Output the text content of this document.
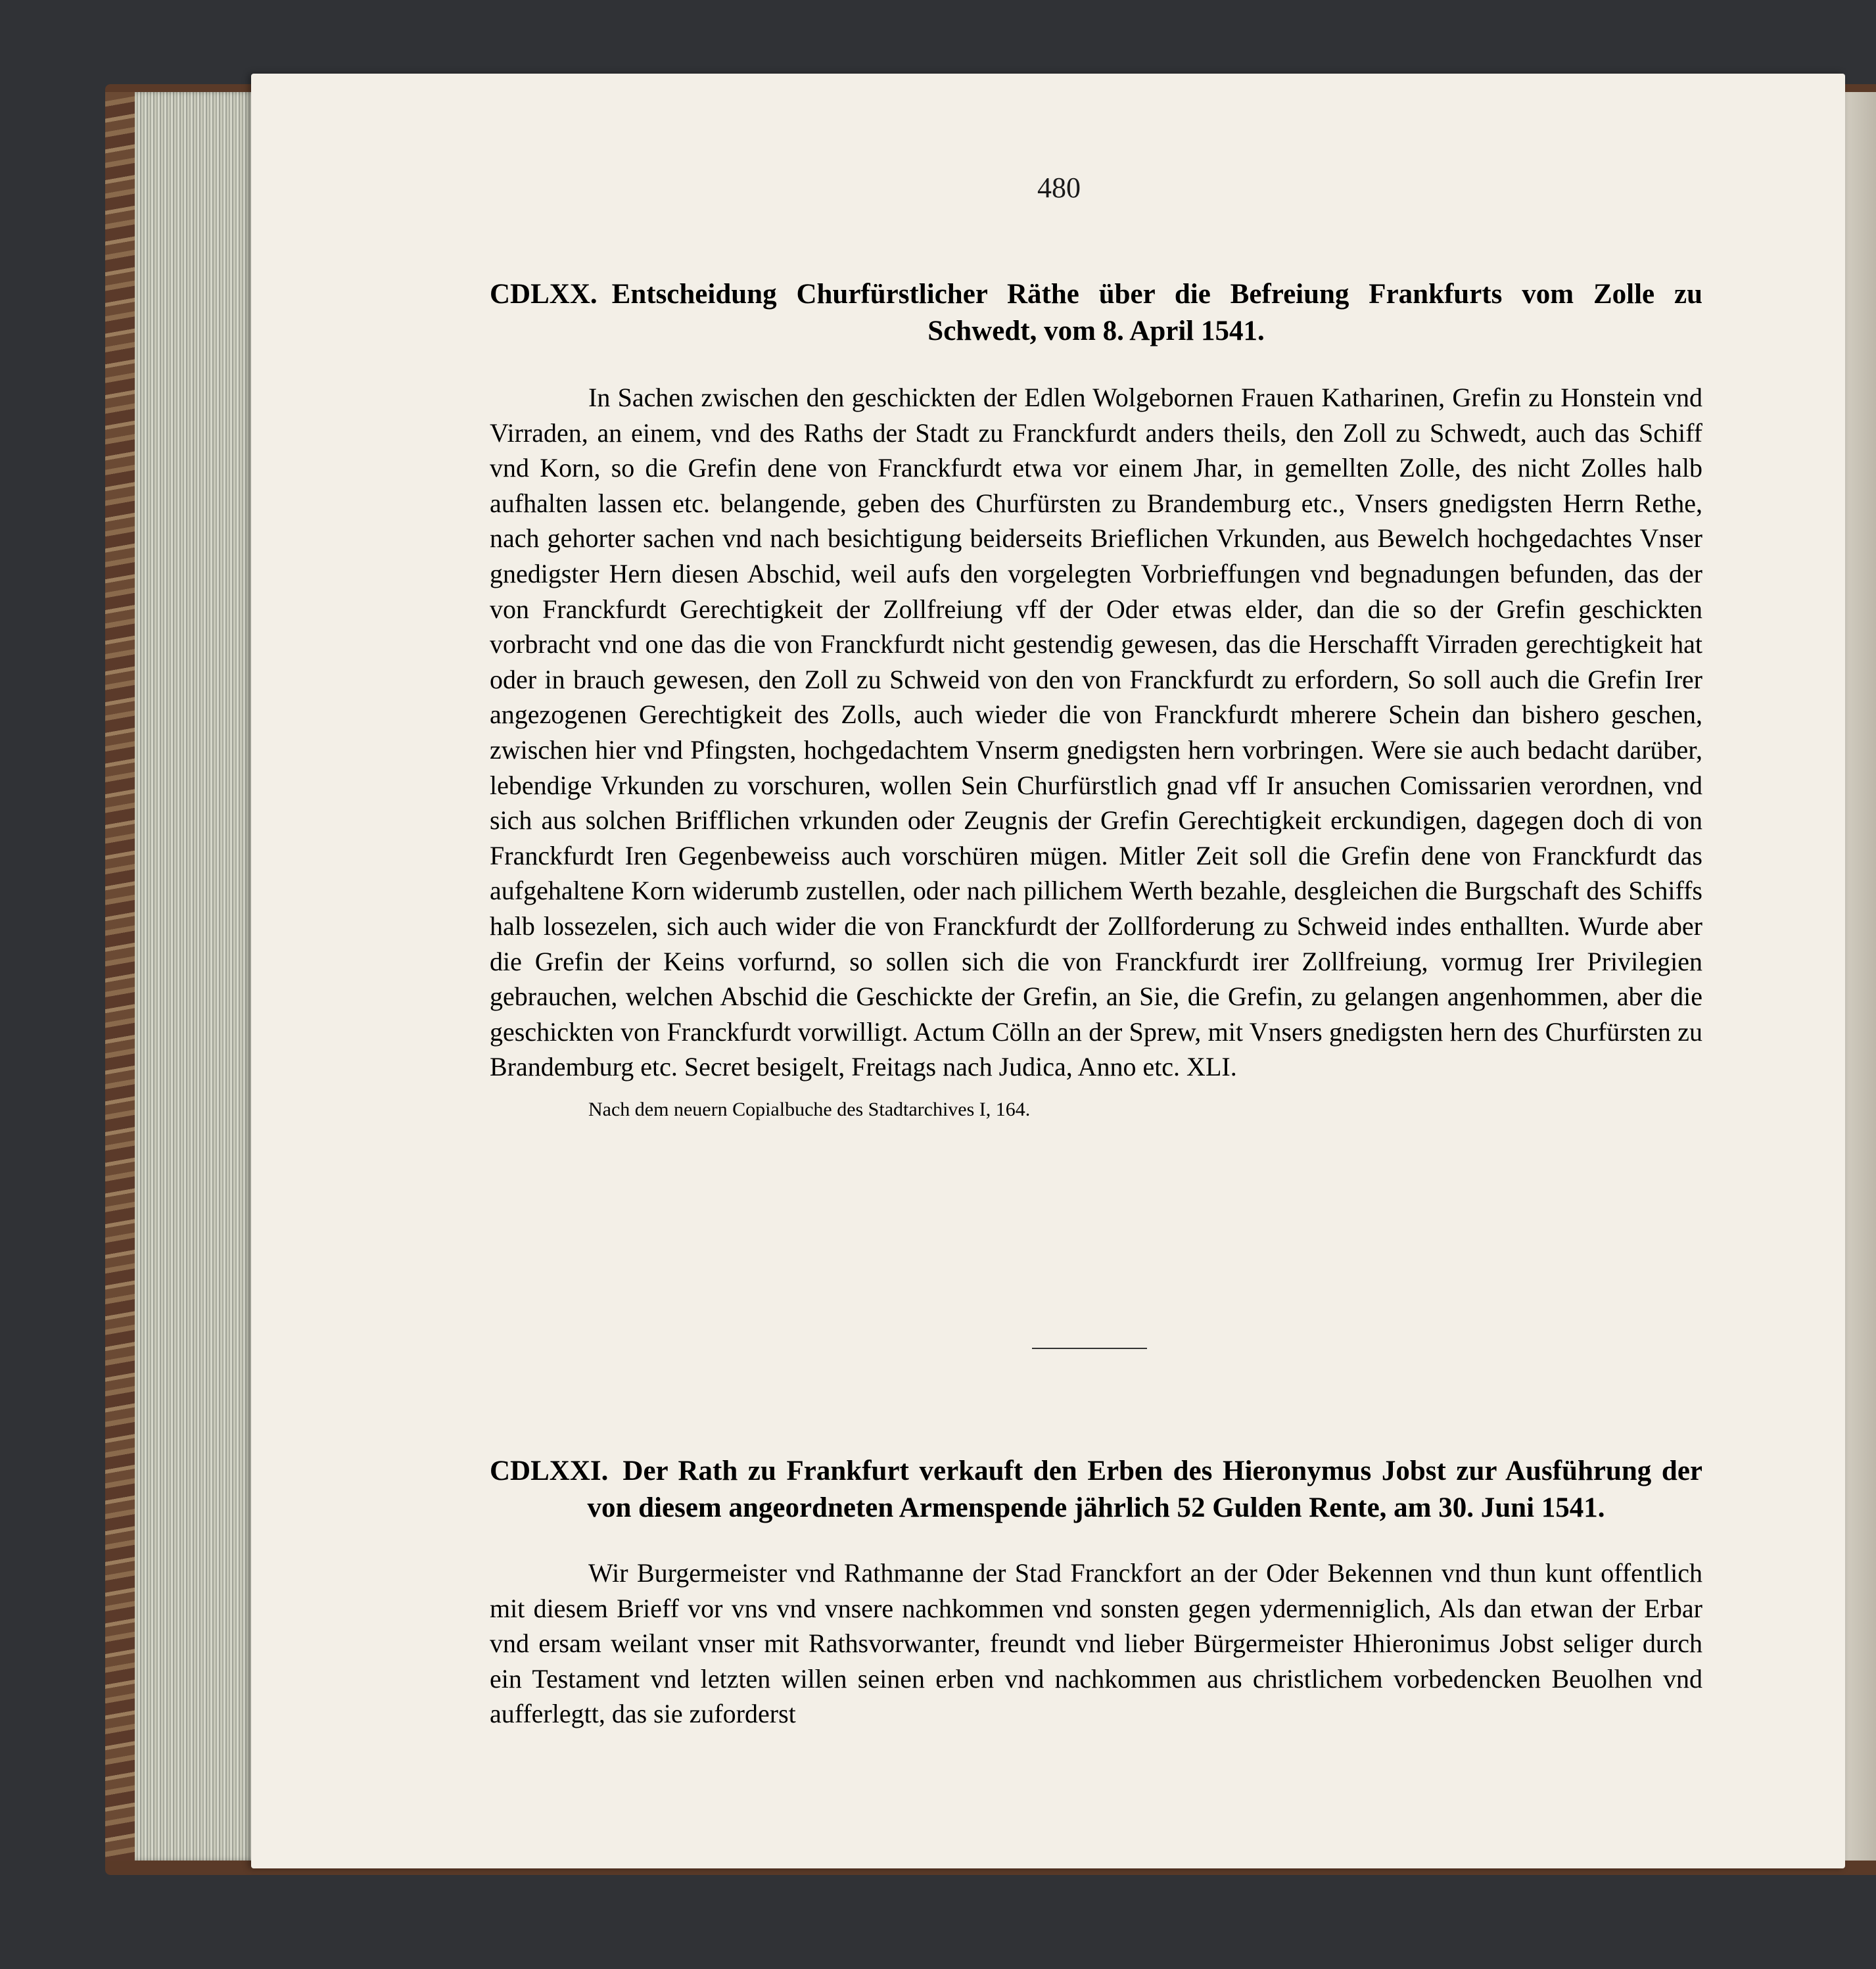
480

CDLXX. Entscheidung Churfürstlicher Räthe über die Befreiung Frankfurts vom Zolle zu Schwedt, vom 8. April 1541.

In Sachen zwischen den geschickten der Edlen Wolgebornen Frauen Katharinen, Grefin zu Honstein vnd Virraden, an einem, vnd des Raths der Stadt zu Franckfurdt anders theils, den Zoll zu Schwedt, auch das Schiff vnd Korn, so die Grefin dene von Franckfurdt etwa vor einem Jhar, in gemellten Zolle, des nicht Zolles halb aufhalten lassen etc. belangende, geben des Churfürsten zu Brandemburg etc., Vnsers gnedigsten Herrn Rethe, nach gehorter sachen vnd nach besichtigung beiderseits Brieflichen Vrkunden, aus Bewelch hochgedachtes Vnser gnedigster Hern diesen Abschid, weil aufs den vorgelegten Vorbrieffungen vnd begnadungen befunden, das der von Franckfurdt Gerechtigkeit der Zollfreiung vff der Oder etwas elder, dan die so der Grefin geschickten vorbracht vnd one das die von Franckfurdt nicht gestendig gewesen, das die Herschafft Virraden gerechtigkeit hat oder in brauch gewesen, den Zoll zu Schweid von den von Franckfurdt zu erfordern, So soll auch die Grefin Irer angezogenen Gerechtigkeit des Zolls, auch wieder die von Franckfurdt mherere Schein dan bishero geschen, zwischen hier vnd Pfingsten, hochgedachtem Vnserm gnedigsten hern vorbringen. Were sie auch bedacht darüber, lebendige Vrkunden zu vorschuren, wollen Sein Churfürstlich gnad vff Ir ansuchen Comissarien verordnen, vnd sich aus solchen Brifflichen vrkunden oder Zeugnis der Grefin Gerechtigkeit erckundigen, dagegen doch di von Franckfurdt Iren Gegenbeweiss auch vorschüren mügen. Mitler Zeit soll die Grefin dene von Franckfurdt das aufgehaltene Korn widerumb zustellen, oder nach pillichem Werth bezahle, desgleichen die Burgschaft des Schiffs halb lossezelen, sich auch wider die von Franckfurdt der Zollforderung zu Schweid indes enthallten. Wurde aber die Grefin der Keins vorfurnd, so sollen sich die von Franckfurdt irer Zollfreiung, vormug Irer Privilegien gebrauchen, welchen Abschid die Geschickte der Grefin, an Sie, die Grefin, zu gelangen angenhommen, aber die geschickten von Franckfurdt vorwilligt. Actum Cölln an der Sprew, mit Vnsers gnedigsten hern des Churfürsten zu Brandemburg etc. Secret besigelt, Freitags nach Judica, Anno etc. XLI.

Nach dem neuern Copialbuche des Stadtarchives I, 164.

CDLXXI. Der Rath zu Frankfurt verkauft den Erben des Hieronymus Jobst zur Ausführung der von diesem angeordneten Armenspende jährlich 52 Gulden Rente, am 30. Juni 1541.

Wir Burgermeister vnd Rathmanne der Stad Franckfort an der Oder Bekennen vnd thun kunt offentlich mit diesem Brieff vor vns vnd vnsere nachkommen vnd sonsten gegen ydermenniglich, Als dan etwan der Erbar vnd ersam weilant vnser mit Rathsvorwanter, freundt vnd lieber Bürgermeister Hhieronimus Jobst seliger durch ein Testament vnd letzten willen seinen erben vnd nachkommen aus christlichem vorbedencken Beuolhen vnd aufferlegtt, das sie zuforderst
